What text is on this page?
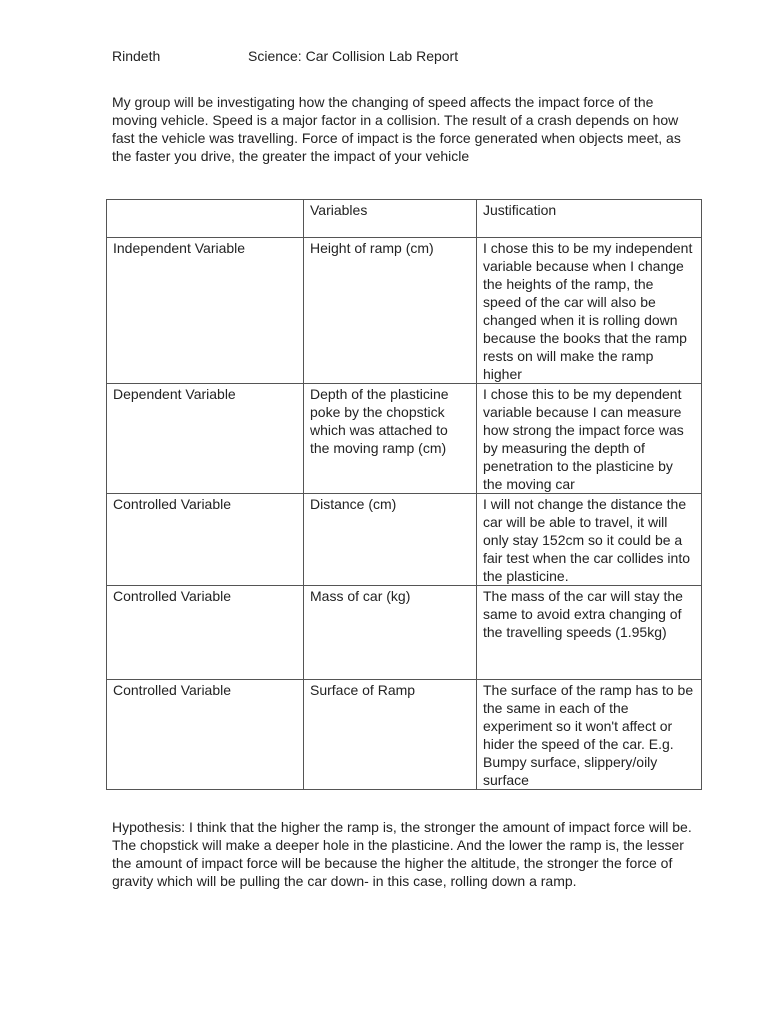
Rindeth	Science: Car Collision Lab Report

My group will be investigating how the changing of speed affects the impact force of the moving vehicle. Speed is a major factor in a collision. The result of a crash depends on how fast the vehicle was travelling. Force of impact is the force generated when objects meet, as the faster you drive, the greater the impact of your vehicle

	Variables	Justification
Independent Variable	Height of ramp (cm)	I chose this to be my independent variable because when I change the heights of the ramp, the speed of the car will also be changed when it is rolling down because the books that the ramp rests on will make the ramp higher
Dependent Variable	Depth of the plasticine poke by the chopstick which was attached to the moving ramp (cm)	I chose this to be my dependent variable because I can measure how strong the impact force was by measuring the depth of penetration to the plasticine by the moving car
Controlled Variable	Distance (cm)	I will not change the distance the car will be able to travel, it will only stay 152cm so it could be a fair test when the car collides into the plasticine.
Controlled Variable	Mass of car (kg)	The mass of the car will stay the same to avoid extra changing of the travelling speeds (1.95kg)
Controlled Variable	Surface of Ramp	The surface of the ramp has to be the same in each of the experiment so it won't affect or hider the speed of the car. E.g. Bumpy surface, slippery/oily surface

Hypothesis: I think that the higher the ramp is, the stronger the amount of impact force will be. The chopstick will make a deeper hole in the plasticine. And the lower the ramp is, the lesser the amount of impact force will be because the higher the altitude, the stronger the force of gravity which will be pulling the car down- in this case, rolling down a ramp.
